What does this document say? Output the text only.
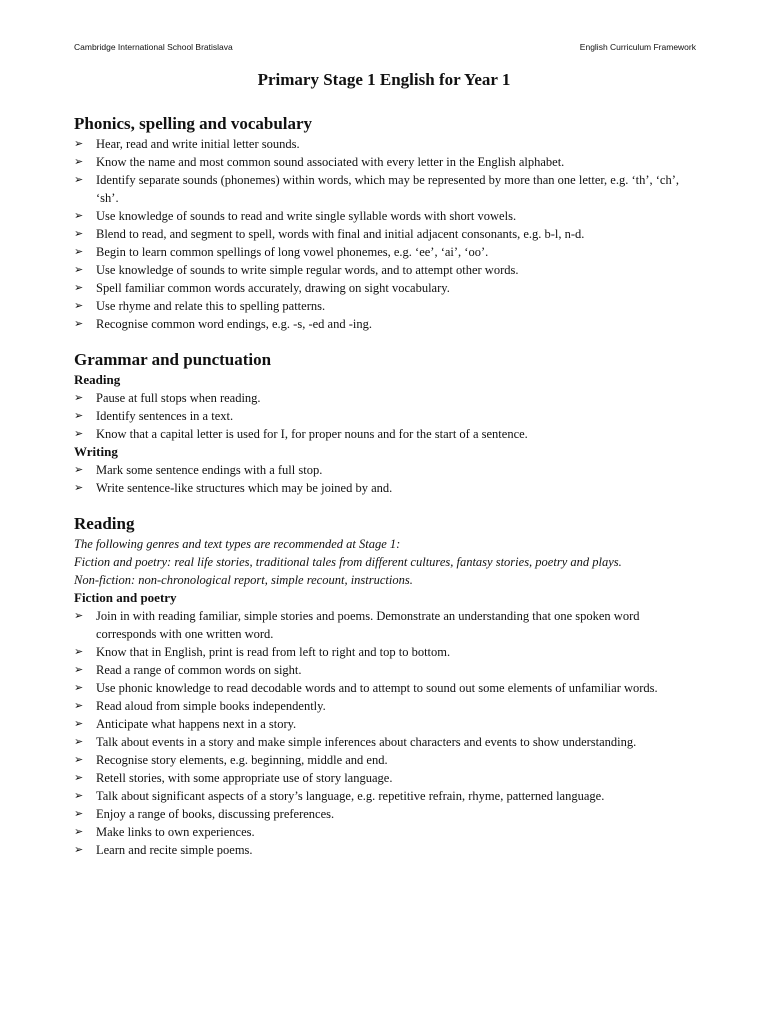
Cambridge International School Bratislava	English Curriculum Framework
Primary Stage 1 English for Year 1
Phonics, spelling and vocabulary
➢ Hear, read and write initial letter sounds.
➢ Know the name and most common sound associated with every letter in the English alphabet.
➢ Identify separate sounds (phonemes) within words, which may be represented by more than one letter, e.g. ‘th’, ‘ch’, ‘sh’.
➢ Use knowledge of sounds to read and write single syllable words with short vowels.
➢ Blend to read, and segment to spell, words with final and initial adjacent consonants, e.g. b-l, n-d.
➢ Begin to learn common spellings of long vowel phonemes, e.g. ‘ee’, ‘ai’, ‘oo’.
➢ Use knowledge of sounds to write simple regular words, and to attempt other words.
➢ Spell familiar common words accurately, drawing on sight vocabulary.
➢ Use rhyme and relate this to spelling patterns.
➢ Recognise common word endings, e.g. -s, -ed and -ing.
Grammar and punctuation
Reading
➢ Pause at full stops when reading.
➢ Identify sentences in a text.
➢ Know that a capital letter is used for I, for proper nouns and for the start of a sentence.
Writing
➢ Mark some sentence endings with a full stop.
➢ Write sentence-like structures which may be joined by and.
Reading
The following genres and text types are recommended at Stage 1:
Fiction and poetry: real life stories, traditional tales from different cultures, fantasy stories, poetry and plays.
Non-fiction: non-chronological report, simple recount, instructions.
Fiction and poetry
➢ Join in with reading familiar, simple stories and poems. Demonstrate an understanding that one spoken word corresponds with one written word.
➢ Know that in English, print is read from left to right and top to bottom.
➢ Read a range of common words on sight.
➢ Use phonic knowledge to read decodable words and to attempt to sound out some elements of unfamiliar words.
➢ Read aloud from simple books independently.
➢ Anticipate what happens next in a story.
➢ Talk about events in a story and make simple inferences about characters and events to show understanding.
➢ Recognise story elements, e.g. beginning, middle and end.
➢ Retell stories, with some appropriate use of story language.
➢ Talk about significant aspects of a story’s language, e.g. repetitive refrain, rhyme, patterned language.
➢ Enjoy a range of books, discussing preferences.
➢ Make links to own experiences.
➢ Learn and recite simple poems.
